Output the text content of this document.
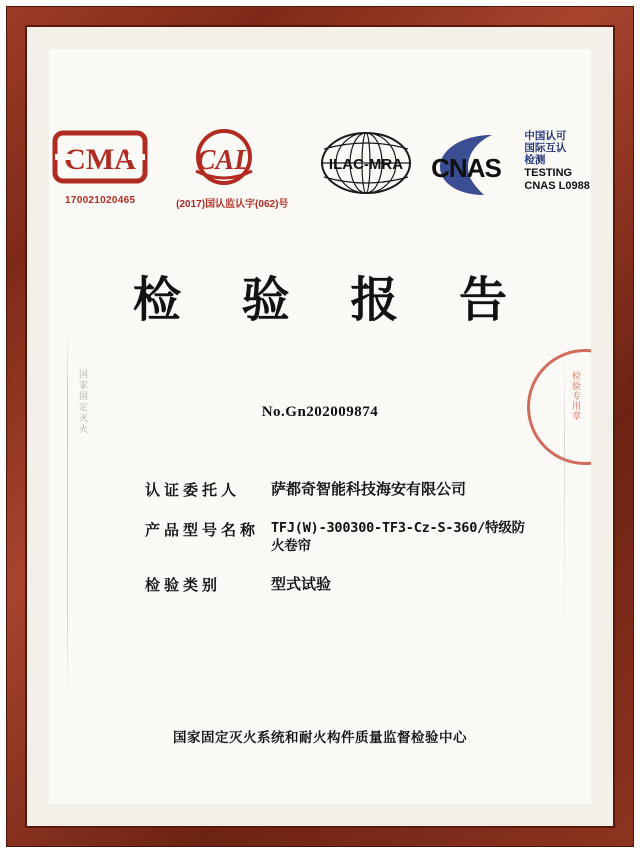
国家固定灭火	检验专用章
CMA
170021020465
CAL
(2017)国认监认字(062)号
ILAC-MRA CNAS
中国认可
国际互认
检测
TESTING
CNAS L0988
检 验 报 告
No.Gn202009874
认证委托人	萨都奇智能科技海安有限公司
产品型号名称 TFJ(W)-300300-TF3-Cz-S-360/特级防火卷帘
检验类别	型式试验
国家固定灭火系统和耐火构件质量监督检验中心
